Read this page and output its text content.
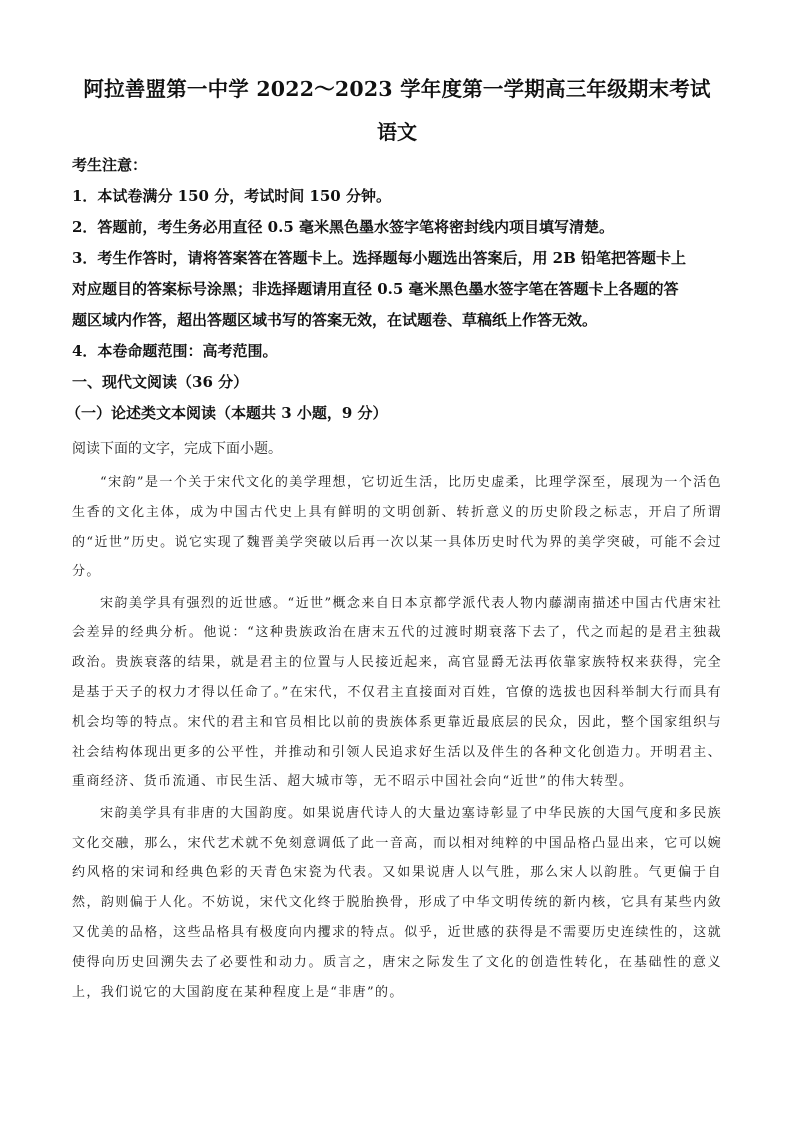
阿拉善盟第一中学 2022～2023 学年度第一学期高三年级期末考试
语文
考生注意：
1．本试卷满分 150 分，考试时间 150 分钟。
2．答题前，考生务必用直径 0.5 毫米黑色墨水签字笔将密封线内项目填写清楚。
3．考生作答时，请将答案答在答题卡上。选择题每小题选出答案后，用 2B 铅笔把答题卡上
对应题目的答案标号涂黑；非选择题请用直径 0.5 毫米黑色墨水签字笔在答题卡上各题的答
题区域内作答，超出答题区域书写的答案无效，在试题卷、草稿纸上作答无效。
4．本卷命题范围：高考范围。
一、现代文阅读（36 分）
（一）论述类文本阅读（本题共 3 小题，9 分）
阅读下面的文字，完成下面小题。

“宋韵”是一个关于宋代文化的美学理想，它切近生活，比历史虚柔，比理学深至，展现为一个活色生香的文化主体，成为中国古代史上具有鲜明的文明创新、转折意义的历史阶段之标志，开启了所谓的“近世”历史。说它实现了魏晋美学突破以后再一次以某一具体历史时代为界的美学突破，可能不会过分。

宋韵美学具有强烈的近世感。“近世”概念来自日本京都学派代表人物内藤湖南描述中国古代唐宋社会差异的经典分析。他说：“这种贵族政治在唐末五代的过渡时期衰落下去了，代之而起的是君主独裁政治。贵族衰落的结果，就是君主的位置与人民接近起来，高官显爵无法再依靠家族特权来获得，完全是基于天子的权力才得以任命了。”在宋代，不仅君主直接面对百姓，官僚的选拔也因科举制大行而具有机会均等的特点。宋代的君主和官员相比以前的贵族体系更靠近最底层的民众，因此，整个国家组织与社会结构体现出更多的公平性，并推动和引领人民追求好生活以及伴生的各种文化创造力。开明君主、重商经济、货币流通、市民生活、超大城市等，无不昭示中国社会向“近世”的伟大转型。

宋韵美学具有非唐的大国韵度。如果说唐代诗人的大量边塞诗彰显了中华民族的大国气度和多民族文化交融，那么，宋代艺术就不免刻意调低了此一音高，而以相对纯粹的中国品格凸显出来，它可以婉约风格的宋词和经典色彩的天青色宋瓷为代表。又如果说唐人以气胜，那么宋人以韵胜。气更偏于自然，韵则偏于人化。不妨说，宋代文化终于脱胎换骨，形成了中华文明传统的新内核，它具有某些内敛又优美的品格，这些品格具有极度向内攫求的特点。似乎，近世感的获得是不需要历史连续性的，这就使得向历史回溯失去了必要性和动力。质言之，唐宋之际发生了文化的创造性转化，在基础性的意义上，我们说它的大国韵度在某种程度上是“非唐”的。
